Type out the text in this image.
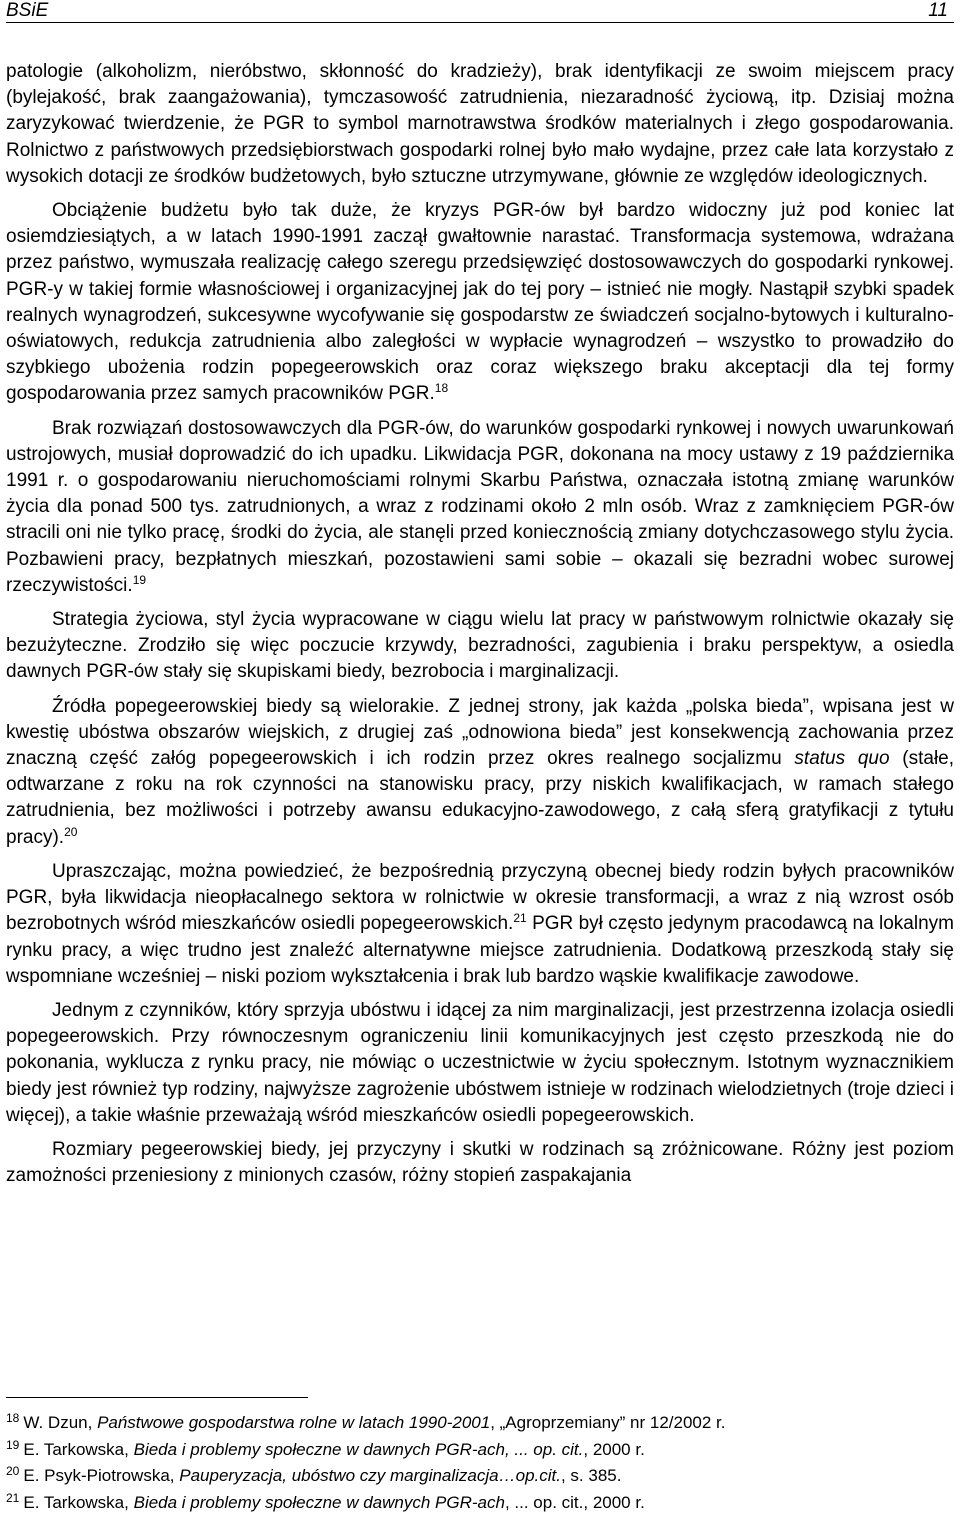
BSiE	11

patologie (alkoholizm, nieróbstwo, skłonność do kradzieży), brak identyfikacji ze swoim miejscem pracy (bylejakość, brak zaangażowania), tymczasowość zatrudnienia, niezaradność życiową, itp. Dzisiaj można zaryzykować twierdzenie, że PGR to symbol marnotrawstwa środków materialnych i złego gospodarowania. Rolnictwo z państwowych przedsiębiorstwach gospodarki rolnej było mało wydajne, przez całe lata korzystało z wysokich dotacji ze środków budżetowych, było sztuczne utrzymywane, głównie ze względów ideologicznych.

Obciążenie budżetu było tak duże, że kryzys PGR-ów był bardzo widoczny już pod koniec lat osiemdziesiątych, a w latach 1990-1991 zaczął gwałtownie narastać. Transformacja systemowa, wdrażana przez państwo, wymuszała realizację całego szeregu przedsięwzięć dostosowawczych do gospodarki rynkowej. PGR-y w takiej formie własnościowej i organizacyjnej jak do tej pory – istnieć nie mogły. Nastąpił szybki spadek realnych wynagrodzeń, sukcesywne wycofywanie się gospodarstw ze świadczeń socjalno-bytowych i kulturalno-oświatowych, redukcja zatrudnienia albo zaległości w wypłacie wynagrodzeń – wszystko to prowadziło do szybkiego ubożenia rodzin popegeerowskich oraz coraz większego braku akceptacji dla tej formy gospodarowania przez samych pracowników PGR.$^{18}$

Brak rozwiązań dostosowawczych dla PGR-ów, do warunków gospodarki rynkowej i nowych uwarunkowań ustrojowych, musiał doprowadzić do ich upadku. Likwidacja PGR, dokonana na mocy ustawy z 19 października 1991 r. o gospodarowaniu nieruchomościami rolnymi Skarbu Państwa, oznaczała istotną zmianę warunków życia dla ponad 500 tys. zatrudnionych, a wraz z rodzinami około 2 mln osób. Wraz z zamknięciem PGR-ów stracili oni nie tylko pracę, środki do życia, ale stanęli przed koniecznością zmiany dotychczasowego stylu życia. Pozbawieni pracy, bezpłatnych mieszkań, pozostawieni sami sobie – okazali się bezradni wobec surowej rzeczywistości.$^{19}$

Strategia życiowa, styl życia wypracowane w ciągu wielu lat pracy w państwowym rolnictwie okazały się bezużyteczne. Zrodziło się więc poczucie krzywdy, bezradności, zagubienia i braku perspektyw, a osiedla dawnych PGR-ów stały się skupiskami biedy, bezrobocia i marginalizacji.

Źródła popegeerowskiej biedy są wielorakie. Z jednej strony, jak każda „polska bieda”, wpisana jest w kwestię ubóstwa obszarów wiejskich, z drugiej zaś „odnowiona bieda” jest konsekwencją zachowania przez znaczną część załóg popegeerowskich i ich rodzin przez okres realnego socjalizmu status quo (stałe, odtwarzane z roku na rok czynności na stanowisku pracy, przy niskich kwalifikacjach, w ramach stałego zatrudnienia, bez możliwości i potrzeby awansu edukacyjno-zawodowego, z całą sferą gratyfikacji z tytułu pracy).$^{20}$

Upraszczając, można powiedzieć, że bezpośrednią przyczyną obecnej biedy rodzin byłych pracowników PGR, była likwidacja nieopłacalnego sektora w rolnictwie w okresie transformacji, a wraz z nią wzrost osób bezrobotnych wśród mieszkańców osiedli popegeerowskich.$^{21}$ PGR był często jedynym pracodawcą na lokalnym rynku pracy, a więc trudno jest znaleźć alternatywne miejsce zatrudnienia. Dodatkową przeszkodą stały się wspomniane wcześniej – niski poziom wykształcenia i brak lub bardzo wąskie kwalifikacje zawodowe.

Jednym z czynników, który sprzyja ubóstwu i idącej za nim marginalizacji, jest przestrzenna izolacja osiedli popegeerowskich. Przy równoczesnym ograniczeniu linii komunikacyjnych jest często przeszkodą nie do pokonania, wyklucza z rynku pracy, nie mówiąc o uczestnictwie w życiu społecznym. Istotnym wyznacznikiem biedy jest również typ rodziny, najwyższe zagrożenie ubóstwem istnieje w rodzinach wielodzietnych (troje dzieci i więcej), a takie właśnie przeważają wśród mieszkańców osiedli popegeerowskich.

Rozmiary pegeerowskiej biedy, jej przyczyny i skutki w rodzinach są zróżnicowane. Różny jest poziom zamożności przeniesiony z minionych czasów, różny stopień zaspakajania

$^{18}$ W. Dzun, Państwowe gospodarstwa rolne w latach 1990-2001, „Agroprzemiany” nr 12/2002 r.

$^{19}$ E. Tarkowska, Bieda i problemy społeczne w dawnych PGR-ach, ... op. cit., 2000 r.

$^{20}$ E. Psyk-Piotrowska, Pauperyzacja, ubóstwo czy marginalizacja…op.cit., s. 385.

$^{21}$ E. Tarkowska, Bieda i problemy społeczne w dawnych PGR-ach, ... op. cit., 2000 r.
